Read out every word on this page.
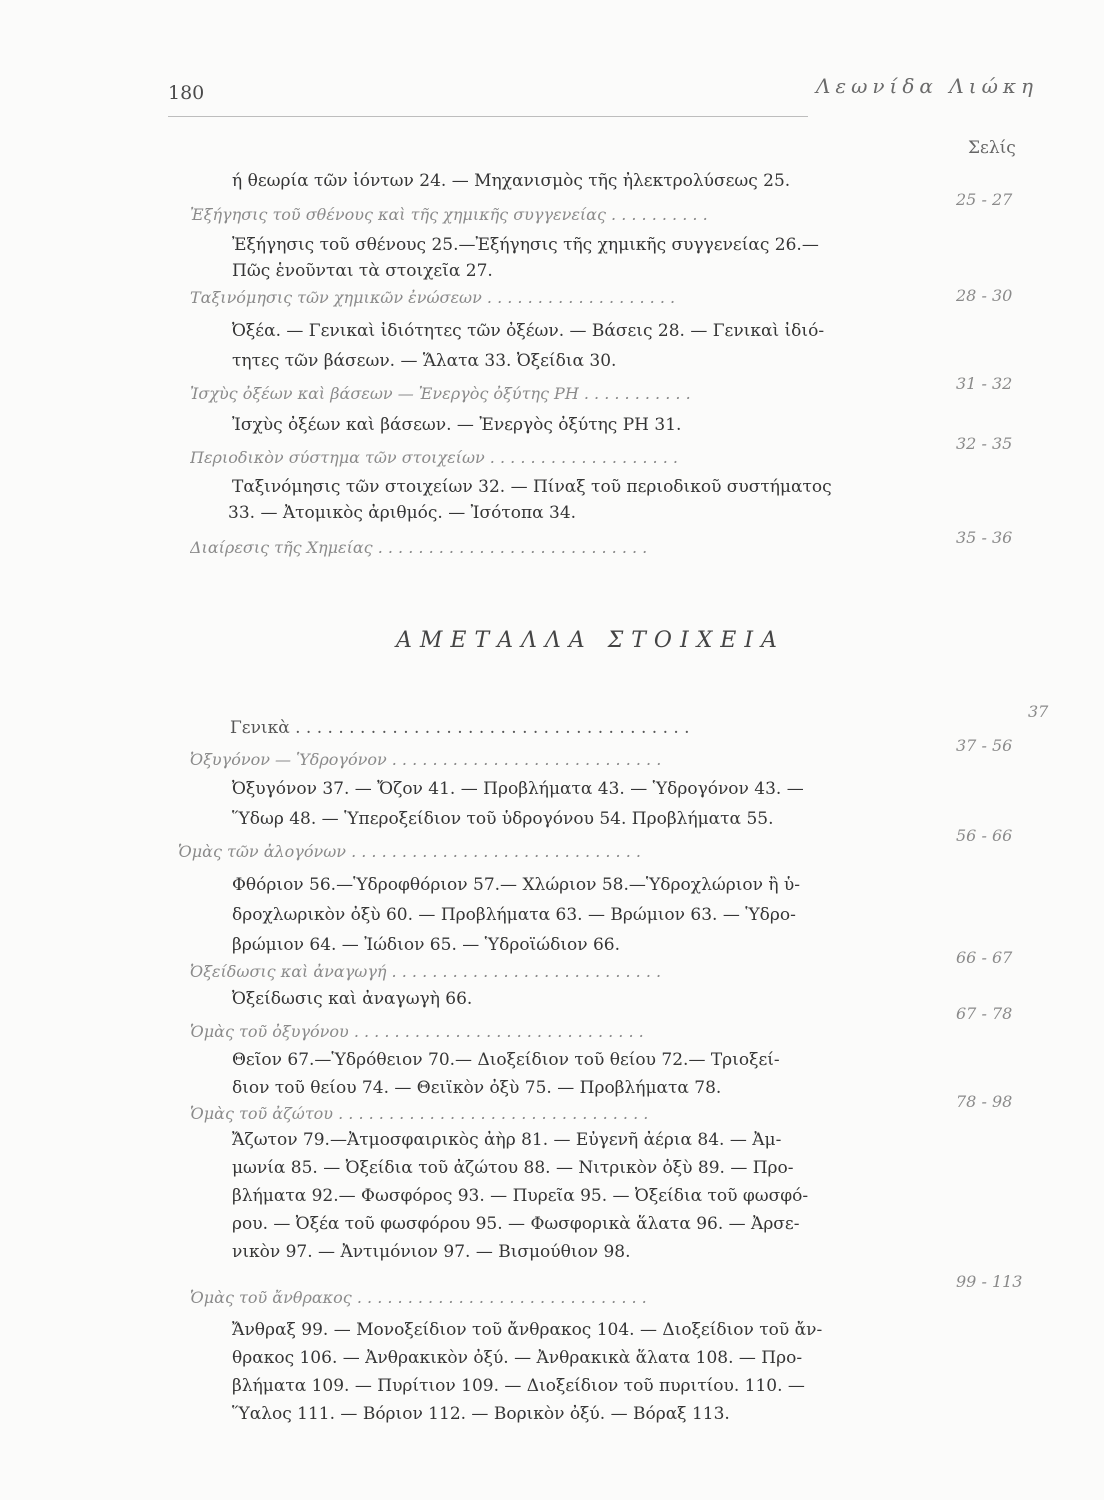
180	Λεωνίδα Λιώκη
Σελίς
ή θεωρία τῶν ἰόντων 24. — Μηχανισμὸς τῆς ἠλεκτρολύσεως 25.
Ἐξήγησις τοῦ σθένους καὶ τῆς χημικῆς συγγενείας . . . . . . . . . .
25 - 27
Ἐξήγησις τοῦ σθένους 25.—Ἐξήγησις τῆς χημικῆς συγγενείας 26.—
Πῶς ἑνοῦνται τὰ στοιχεῖα 27.
Ταξινόμησις τῶν χημικῶν ἐνώσεων . . . . . . . . . . . . . . . . . . .	28 - 30
Ὀξέα. — Γενικαὶ ἰδιότητες τῶν ὀξέων. — Βάσεις 28. — Γενικαὶ ἰδιό-
τητες τῶν βάσεων. — Ἅλατα 33. Ὀξείδια 30.
Ἰσχὺς ὀξέων καὶ βάσεων — Ἐνεργὸς ὀξύτης PH . . . . . . . . . . .
31 - 32
Ἰσχὺς ὀξέων καὶ βάσεων. — Ἐνεργὸς ὀξύτης PH 31.
Περιοδικὸν σύστημα τῶν στοιχείων . . . . . . . . . . . . . . . . . . .
32 - 35
Ταξινόμησις τῶν στοιχείων 32. — Πίναξ τοῦ περιοδικοῦ συστήματος
33. — Ἀτομικὸς ἀριθμός. — Ἰσότοπα 34.
Διαίρεσις τῆς Χημείας . . . . . . . . . . . . . . . . . . . . . . . . . . .
35 - 36
ΑΜΕΤΑΛΛΑ ΣΤΟΙΧΕΙΑ
Γενικὰ . . . . . . . . . . . . . . . . . . . . . . . . . . . . . . . . . . . . .
37
Ὀξυγόνον — Ὑδρογόνον . . . . . . . . . . . . . . . . . . . . . . . . . . .
37 - 56
Ὀξυγόνον 37. — Ὄζον 41. — Προβλήματα 43. — Ὑδρογόνον 43. —
Ὕδωρ 48. — Ὑπεροξείδιον τοῦ ὑδρογόνου 54. Προβλήματα 55.
Ὁμὰς τῶν ἀλογόνων . . . . . . . . . . . . . . . . . . . . . . . . . . . . .
56 - 66
Φθόριον 56.—Ὑδροφθόριον 57.— Χλώριον 58.—Ὑδροχλώριον ἢ ὑ-
δροχλωρικὸν ὀξὺ 60. — Προβλήματα 63. — Βρώμιον 63. — Ὑδρο-
βρώμιον 64. — Ἰώδιον 65. — Ὑδροϊώδιον 66.
Ὀξείδωσις καὶ ἀναγωγή . . . . . . . . . . . . . . . . . . . . . . . . . . .
66 - 67
Ὀξείδωσις καὶ ἀναγωγὴ 66.
Ὁμὰς τοῦ ὀξυγόνου . . . . . . . . . . . . . . . . . . . . . . . . . . . . .
67 - 78
Θεῖον 67.—Ὑδρόθειον 70.— Διοξείδιον τοῦ θείου 72.— Τριοξεί-
διον τοῦ θείου 74. — Θειϊκὸν ὀξὺ 75. — Προβλήματα 78.
Ὁμὰς τοῦ ἀζώτου . . . . . . . . . . . . . . . . . . . . . . . . . . . . . . .
78 - 98
Ἄζωτον 79.—Ἀτμοσφαιρικὸς ἀὴρ 81. — Εὐγενῆ ἀέρια 84. — Ἀμ-
μωνία 85. — Ὀξείδια τοῦ ἀζώτου 88. — Νιτρικὸν ὀξὺ 89. — Προ-
βλήματα 92.— Φωσφόρος 93. — Πυρεῖα 95. — Ὀξείδια τοῦ φωσφό-
ρου. — Ὀξέα τοῦ φωσφόρου 95. — Φωσφορικὰ ἅλατα 96. — Ἀρσε-
νικὸν 97. — Ἀντιμόνιον 97. — Βισμούθιον 98.
Ὁμὰς τοῦ ἄνθρακος . . . . . . . . . . . . . . . . . . . . . . . . . . . . .
99 - 113
Ἄνθραξ 99. — Μονοξείδιον τοῦ ἄνθρακος 104. — Διοξείδιον τοῦ ἄν-
θρακος 106. — Ἀνθρακικὸν ὀξύ. — Ἀνθρακικὰ ἅλατα 108. — Προ-
βλήματα 109. — Πυρίτιον 109. — Διοξείδιον τοῦ πυριτίου. 110. —
Ὕαλος 111. — Βόριον 112. — Βορικὸν ὀξύ. — Βόραξ 113.
